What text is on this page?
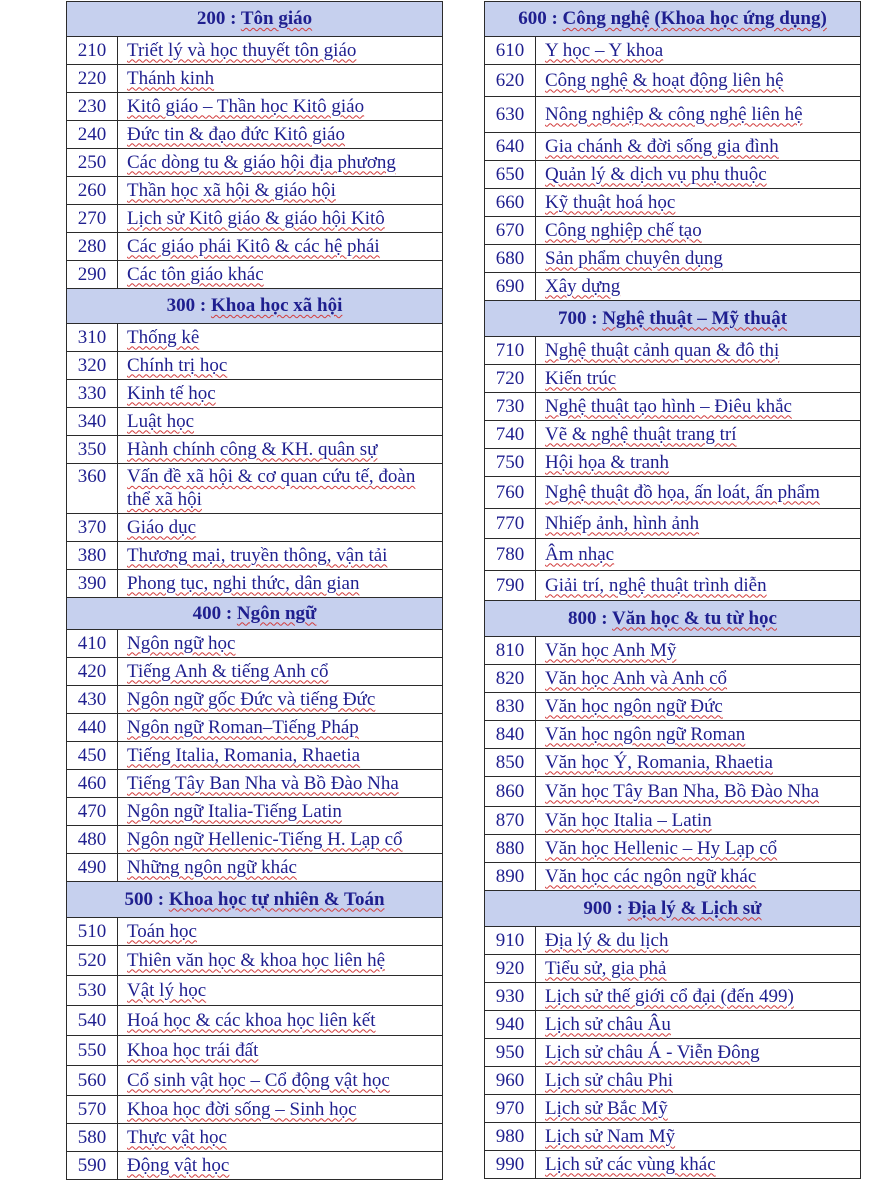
200 : Tôn giáo	
210	Triết lý và học thuyết tôn giáo
220	Thánh kinh
230	Kitô giáo – Thần học Kitô giáo
240	Đức tin & đạo đức Kitô giáo
250	Các dòng tu & giáo hội địa phương
260	Thần học xã hội & giáo hội
270	Lịch sử Kitô giáo & giáo hội Kitô
280	Các giáo phái Kitô & các hệ phái
290	Các tôn giáo khác
300 : Khoa học xã hội	
310	Thống kê
320	Chính trị học
330	Kinh tế học
340	Luật học
350	Hành chính công & KH. quân sự
360	Vấn đề xã hội & cơ quan cứu tế, đoàn thể xã hội
370	Giáo dục
380	Thương mại, truyền thông, vận tải
390	Phong tục, nghi thức, dân gian
400 : Ngôn ngữ	
410	Ngôn ngữ học
420	Tiếng Anh & tiếng Anh cổ
430	Ngôn ngữ gốc Đức và tiếng Đức
440	Ngôn ngữ Roman–Tiếng Pháp
450	Tiếng Italia, Romania, Rhaetia
460	Tiếng Tây Ban Nha và Bồ Đào Nha
470	Ngôn ngữ Italia-Tiếng Latin
480	Ngôn ngữ Hellenic-Tiếng H. Lạp cổ
490	Những ngôn ngữ khác
500 : Khoa học tự nhiên & Toán	
510	Toán học
520	Thiên văn học & khoa học liên hệ
530	Vật lý học
540	Hoá học & các khoa học liên kết
550	Khoa học trái đất
560	Cổ sinh vật học – Cổ động vật học
570	Khoa học đời sống – Sinh học
580	Thực vật học
590	Động vật học
600 : Công nghệ (Khoa học ứng dụng)	
610	Y học – Y khoa
620	Công nghệ & hoạt động liên hệ
630	Nông nghiệp & công nghệ liên hệ
640	Gia chánh & đời sống gia đình
650	Quản lý & dịch vụ phụ thuộc
660	Kỹ thuật hoá học
670	Công nghiệp chế tạo
680	Sản phẩm chuyên dụng
690	Xây dựng
700 : Nghệ thuật – Mỹ thuật	
710	Nghệ thuật cảnh quan & đô thị
720	Kiến trúc
730	Nghệ thuật tạo hình – Điêu khắc
740	Vẽ & nghệ thuật trang trí
750	Hội họa & tranh
760	Nghệ thuật đồ họa, ấn loát, ấn phẩm
770	Nhiếp ảnh, hình ảnh
780	Âm nhạc
790	Giải trí, nghệ thuật trình diễn
800 : Văn học & tu từ học	
810	Văn học Anh Mỹ
820	Văn học Anh và Anh cổ
830	Văn học ngôn ngữ Đức
840	Văn học ngôn ngữ Roman
850	Văn học Ý, Romania, Rhaetia
860	Văn học Tây Ban Nha, Bồ Đào Nha
870	Văn học Italia – Latin
880	Văn học Hellenic – Hy Lạp cổ
890	Văn học các ngôn ngữ khác
900 : Địa lý & Lịch sử	
910	Địa lý & du lịch
920	Tiểu sử, gia phả
930	Lịch sử thế giới cổ đại (đến 499)
940	Lịch sử châu Âu
950	Lịch sử châu Á - Viễn Đông
960	Lịch sử châu Phi
970	Lịch sử Bắc Mỹ
980	Lịch sử Nam Mỹ
990	Lịch sử các vùng khác
